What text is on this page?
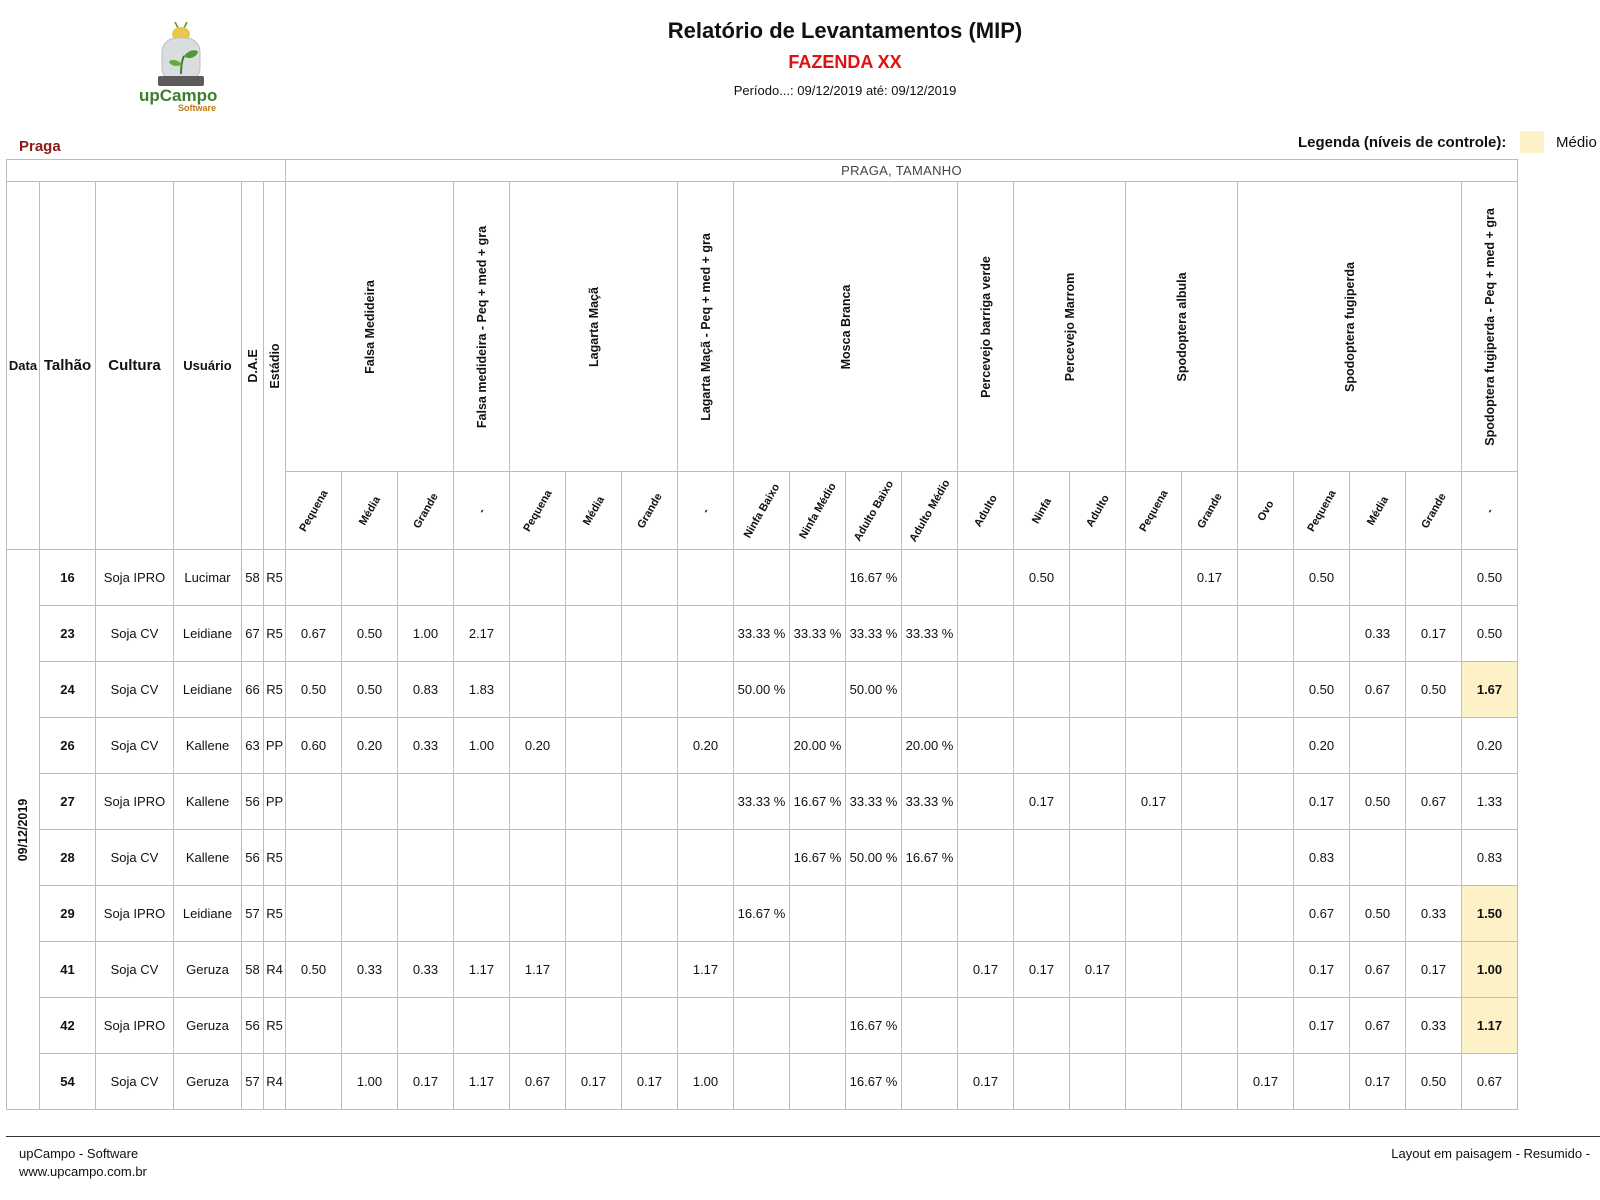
upCampo
Software
Relatório de Levantamentos (MIP)
FAZENDA XX
Período...: 09/12/2019 até: 09/12/2019
Praga	Legenda (níveis de controle):	Médio
						PRAGA, TAMANHO																					
Data	Talhão	Cultura	Usuário	D.A.E	Estádio	Falsa Medideira			Falsa medideira - Peq + med + gra	Lagarta Maçã			Lagarta Maçã - Peq + med + gra	Mosca Branca				Percevejo barriga verde	Percevejo Marrom		Spodoptera albula		Spodoptera fugiperda				Spodoptera fugiperda - Peq + med + gra

						Pequena	Média	Grande	-	Pequena	Média	Grande	-	Ninfa Baixo	Ninfa Médio	Adulto Baixo	Adulto Médio	Adulto	Ninfa	Adulto	Pequena	Grande	Ovo	Pequena	Média	Grande	-

09/12/2019	16	Soja IPRO	Lucimar	58	R5											16.67 %			0.50			0.17		0.50			0.50
	23	Soja CV	Leidiane	67	R5	0.67	0.50	1.00	2.17					33.33 %	33.33 %	33.33 %	33.33 %								0.33	0.17	0.50
	24	Soja CV	Leidiane	66	R5	0.50	0.50	0.83	1.83					50.00 %		50.00 %								0.50	0.67	0.50	1.67
	26	Soja CV	Kallene	63	PP	0.60	0.20	0.33	1.00	0.20			0.20		20.00 %		20.00 %							0.20			0.20
	27	Soja IPRO	Kallene	56	PP									33.33 %	16.67 %	33.33 %	33.33 %		0.17		0.17			0.17	0.50	0.67	1.33
	28	Soja CV	Kallene	56	R5										16.67 %	50.00 %	16.67 %							0.83			0.83
	29	Soja IPRO	Leidiane	57	R5									16.67 %										0.67	0.50	0.33	1.50
	41	Soja CV	Geruza	58	R4	0.50	0.33	0.33	1.17	1.17			1.17					0.17	0.17	0.17				0.17	0.67	0.17	1.00
	42	Soja IPRO	Geruza	56	R5											16.67 %								0.17	0.67	0.33	1.17
	54	Soja CV	Geruza	57	R4		1.00	0.17	1.17	0.67	0.17	0.17	1.00			16.67 %		0.17					0.17		0.17	0.50	0.67
upCampo - Software
www.upcampo.com.br
Layout em paisagem - Resumido -
